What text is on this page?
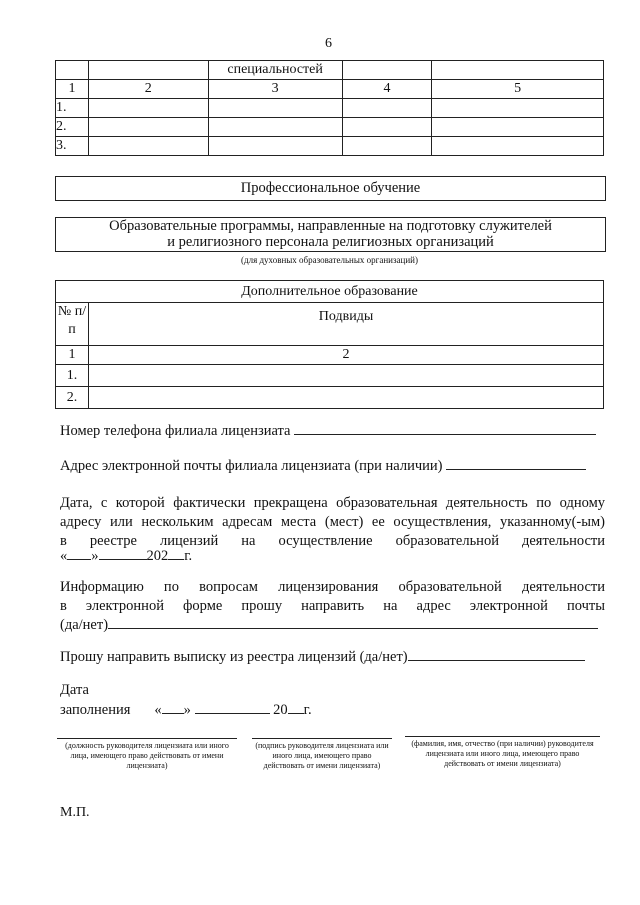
6
		специальностей		
1	2	3	4	5
1.				
2.				
3.				
Профессиональное обучение
Образовательные программы, направленные на подготовку служителей
и религиозного персонала религиозных организаций
(для духовных образовательных организаций)
Дополнительное образование	
№ п/п	Подвиды
1	2
1.	
2.	
Номер телефона филиала лицензиата
Адрес электронной почты филиала лицензиата (при наличии)
Дата, с которой фактически прекращена образовательная деятельность по одному
адресу или нескольким адресам места (мест) ее осуществления, указанному(-ым)
в реестре лицензий на осуществление образовательной деятельности
« »	202 г.
Информацию по вопросам лицензирования образовательной деятельности
в электронной форме прошу направить на адрес электронной почты
(да/нет)
Прошу направить выписку из реестра лицензий (да/нет)
Дата
заполнения « »	20 г.
(должность руководителя лицензиата или иного лица, имеющего право действовать от имени лицензиата)
(подпись руководителя лицензиата или иного лица, имеющего право действовать от имени лицензиата)
(фамилия, имя, отчество (при наличии) руководителя лицензиата или иного лица, имеющего право действовать от имени лицензиата)
М.П.
